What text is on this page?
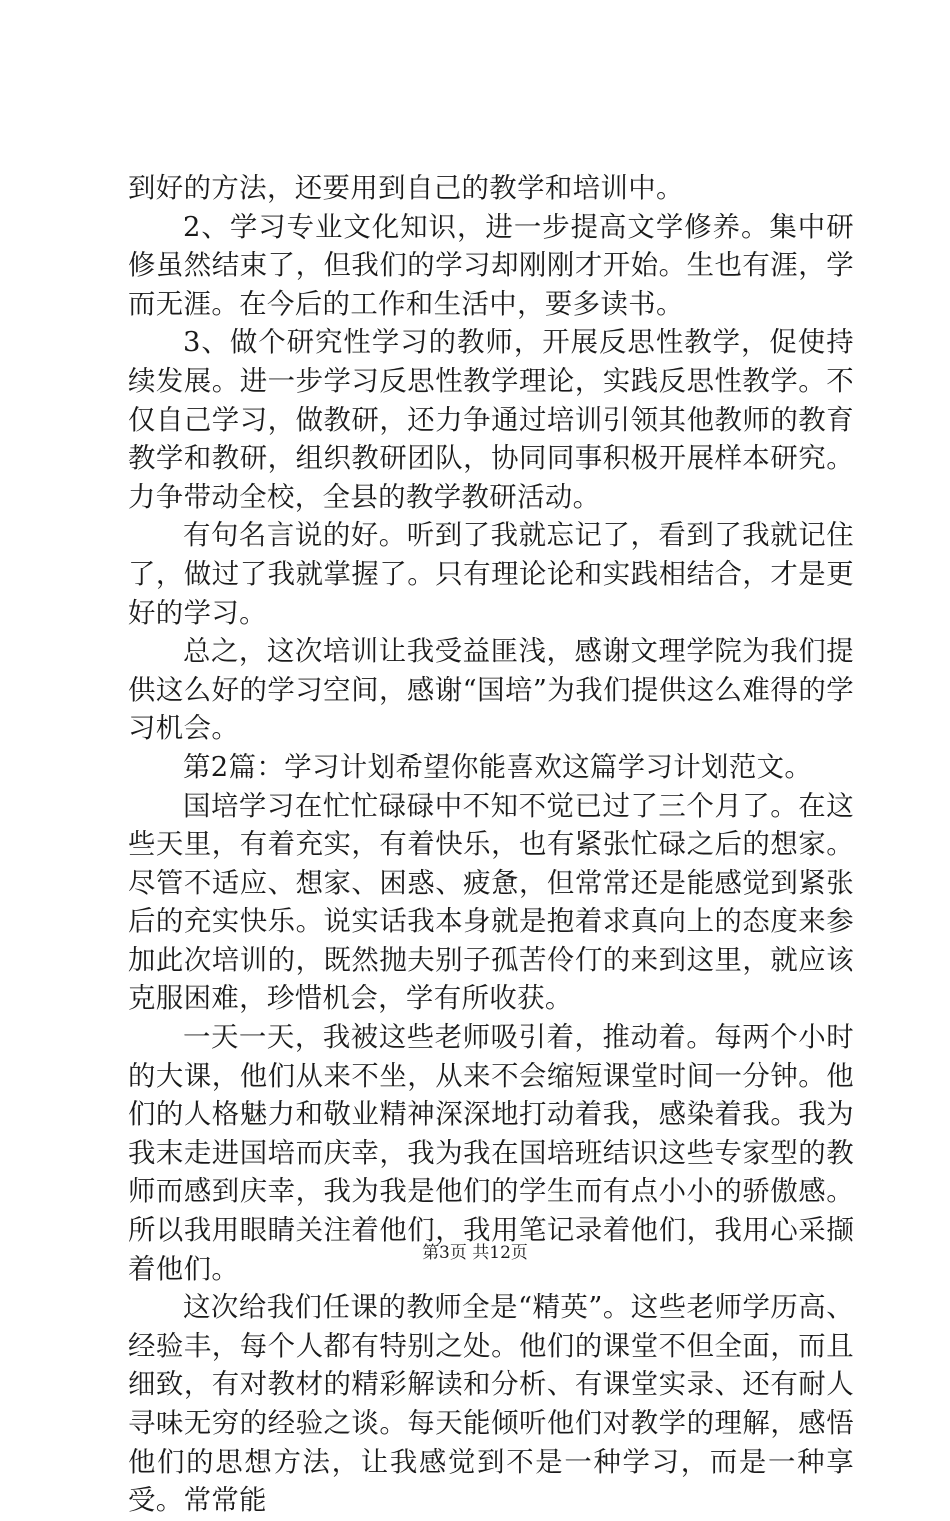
到好的方法，还要用到自己的教学和培训中。

2、学习专业文化知识，进一步提高文学修养。集中研修虽然结束了，但我们的学习却刚刚才开始。生也有涯，学而无涯。在今后的工作和生活中，要多读书。

3、做个研究性学习的教师，开展反思性教学，促使持续发展。进一步学习反思性教学理论，实践反思性教学。不仅自己学习，做教研，还力争通过培训引领其他教师的教育教学和教研，组织教研团队，协同同事积极开展样本研究。力争带动全校，全县的教学教研活动。

有句名言说的好。听到了我就忘记了，看到了我就记住了，做过了我就掌握了。只有理论论和实践相结合，才是更好的学习。

总之，这次培训让我受益匪浅，感谢文理学院为我们提供这么好的学习空间，感谢“国培”为我们提供这么难得的学习机会。

第2篇：学习计划希望你能喜欢这篇学习计划范文。

国培学习在忙忙碌碌中不知不觉已过了三个月了。在这些天里，有着充实，有着快乐，也有紧张忙碌之后的想家。尽管不适应、想家、困惑、疲惫，但常常还是能感觉到紧张后的充实快乐。说实话我本身就是抱着求真向上的态度来参加此次培训的，既然抛夫别子孤苦伶仃的来到这里，就应该克服困难，珍惜机会，学有所收获。

一天一天，我被这些老师吸引着，推动着。每两个小时的大课，他们从来不坐，从来不会缩短课堂时间一分钟。他们的人格魅力和敬业精神深深地打动着我，感染着我。我为我末走进国培而庆幸，我为我在国培班结识这些专家型的教师而感到庆幸，我为我是他们的学生而有点小小的骄傲感。所以我用眼睛关注着他们，我用笔记录着他们，我用心采撷着他们。

这次给我们任课的教师全是“精英”。这些老师学历高、经验丰，每个人都有特别之处。他们的课堂不但全面，而且细致，有对教材的精彩解读和分析、有课堂实录、还有耐人寻味无穷的经验之谈。每天能倾听他们对教学的理解，感悟他们的思想方法，让我感觉到不是一种学习，而是一种享受。常常能

第3页 共12页
